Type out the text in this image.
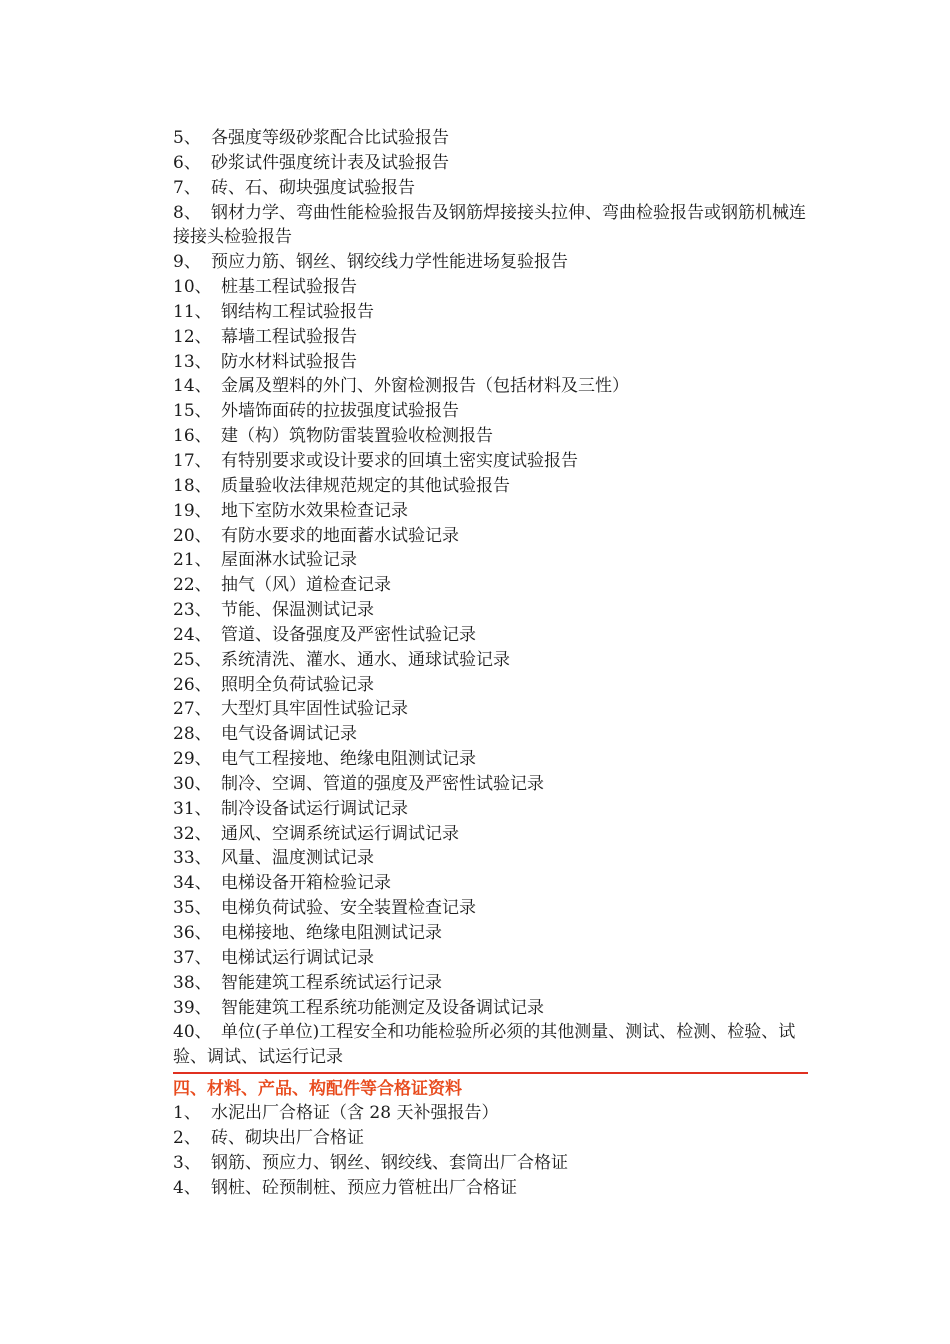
5、 各强度等级砂浆配合比试验报告
6、 砂浆试件强度统计表及试验报告
7、 砖、石、砌块强度试验报告
8、 钢材力学、弯曲性能检验报告及钢筋焊接接头拉伸、弯曲检验报告或钢筋机械连接接头检验报告
9、 预应力筋、钢丝、钢绞线力学性能进场复验报告
10、 桩基工程试验报告
11、 钢结构工程试验报告
12、 幕墙工程试验报告
13、 防水材料试验报告
14、 金属及塑料的外门、外窗检测报告（包括材料及三性）
15、 外墙饰面砖的拉拔强度试验报告
16、 建（构）筑物防雷装置验收检测报告
17、 有特别要求或设计要求的回填土密实度试验报告
18、 质量验收法律规范规定的其他试验报告
19、 地下室防水效果检查记录
20、 有防水要求的地面蓄水试验记录
21、 屋面淋水试验记录
22、 抽气（风）道检查记录
23、 节能、保温测试记录
24、 管道、设备强度及严密性试验记录
25、 系统清洗、灌水、通水、通球试验记录
26、 照明全负荷试验记录
27、 大型灯具牢固性试验记录
28、 电气设备调试记录
29、 电气工程接地、绝缘电阻测试记录
30、 制冷、空调、管道的强度及严密性试验记录
31、 制冷设备试运行调试记录
32、 通风、空调系统试运行调试记录
33、 风量、温度测试记录
34、 电梯设备开箱检验记录
35、 电梯负荷试验、安全装置检查记录
36、 电梯接地、绝缘电阻测试记录
37、 电梯试运行调试记录
38、 智能建筑工程系统试运行记录
39、 智能建筑工程系统功能测定及设备调试记录
40、 单位(子单位)工程安全和功能检验所必须的其他测量、测试、检测、检验、试验、调试、试运行记录
四、材料、产品、构配件等合格证资料
1、 水泥出厂合格证（含 28 天补强报告）
2、 砖、砌块出厂合格证
3、 钢筋、预应力、钢丝、钢绞线、套筒出厂合格证
4、 钢桩、砼预制桩、预应力管桩出厂合格证
